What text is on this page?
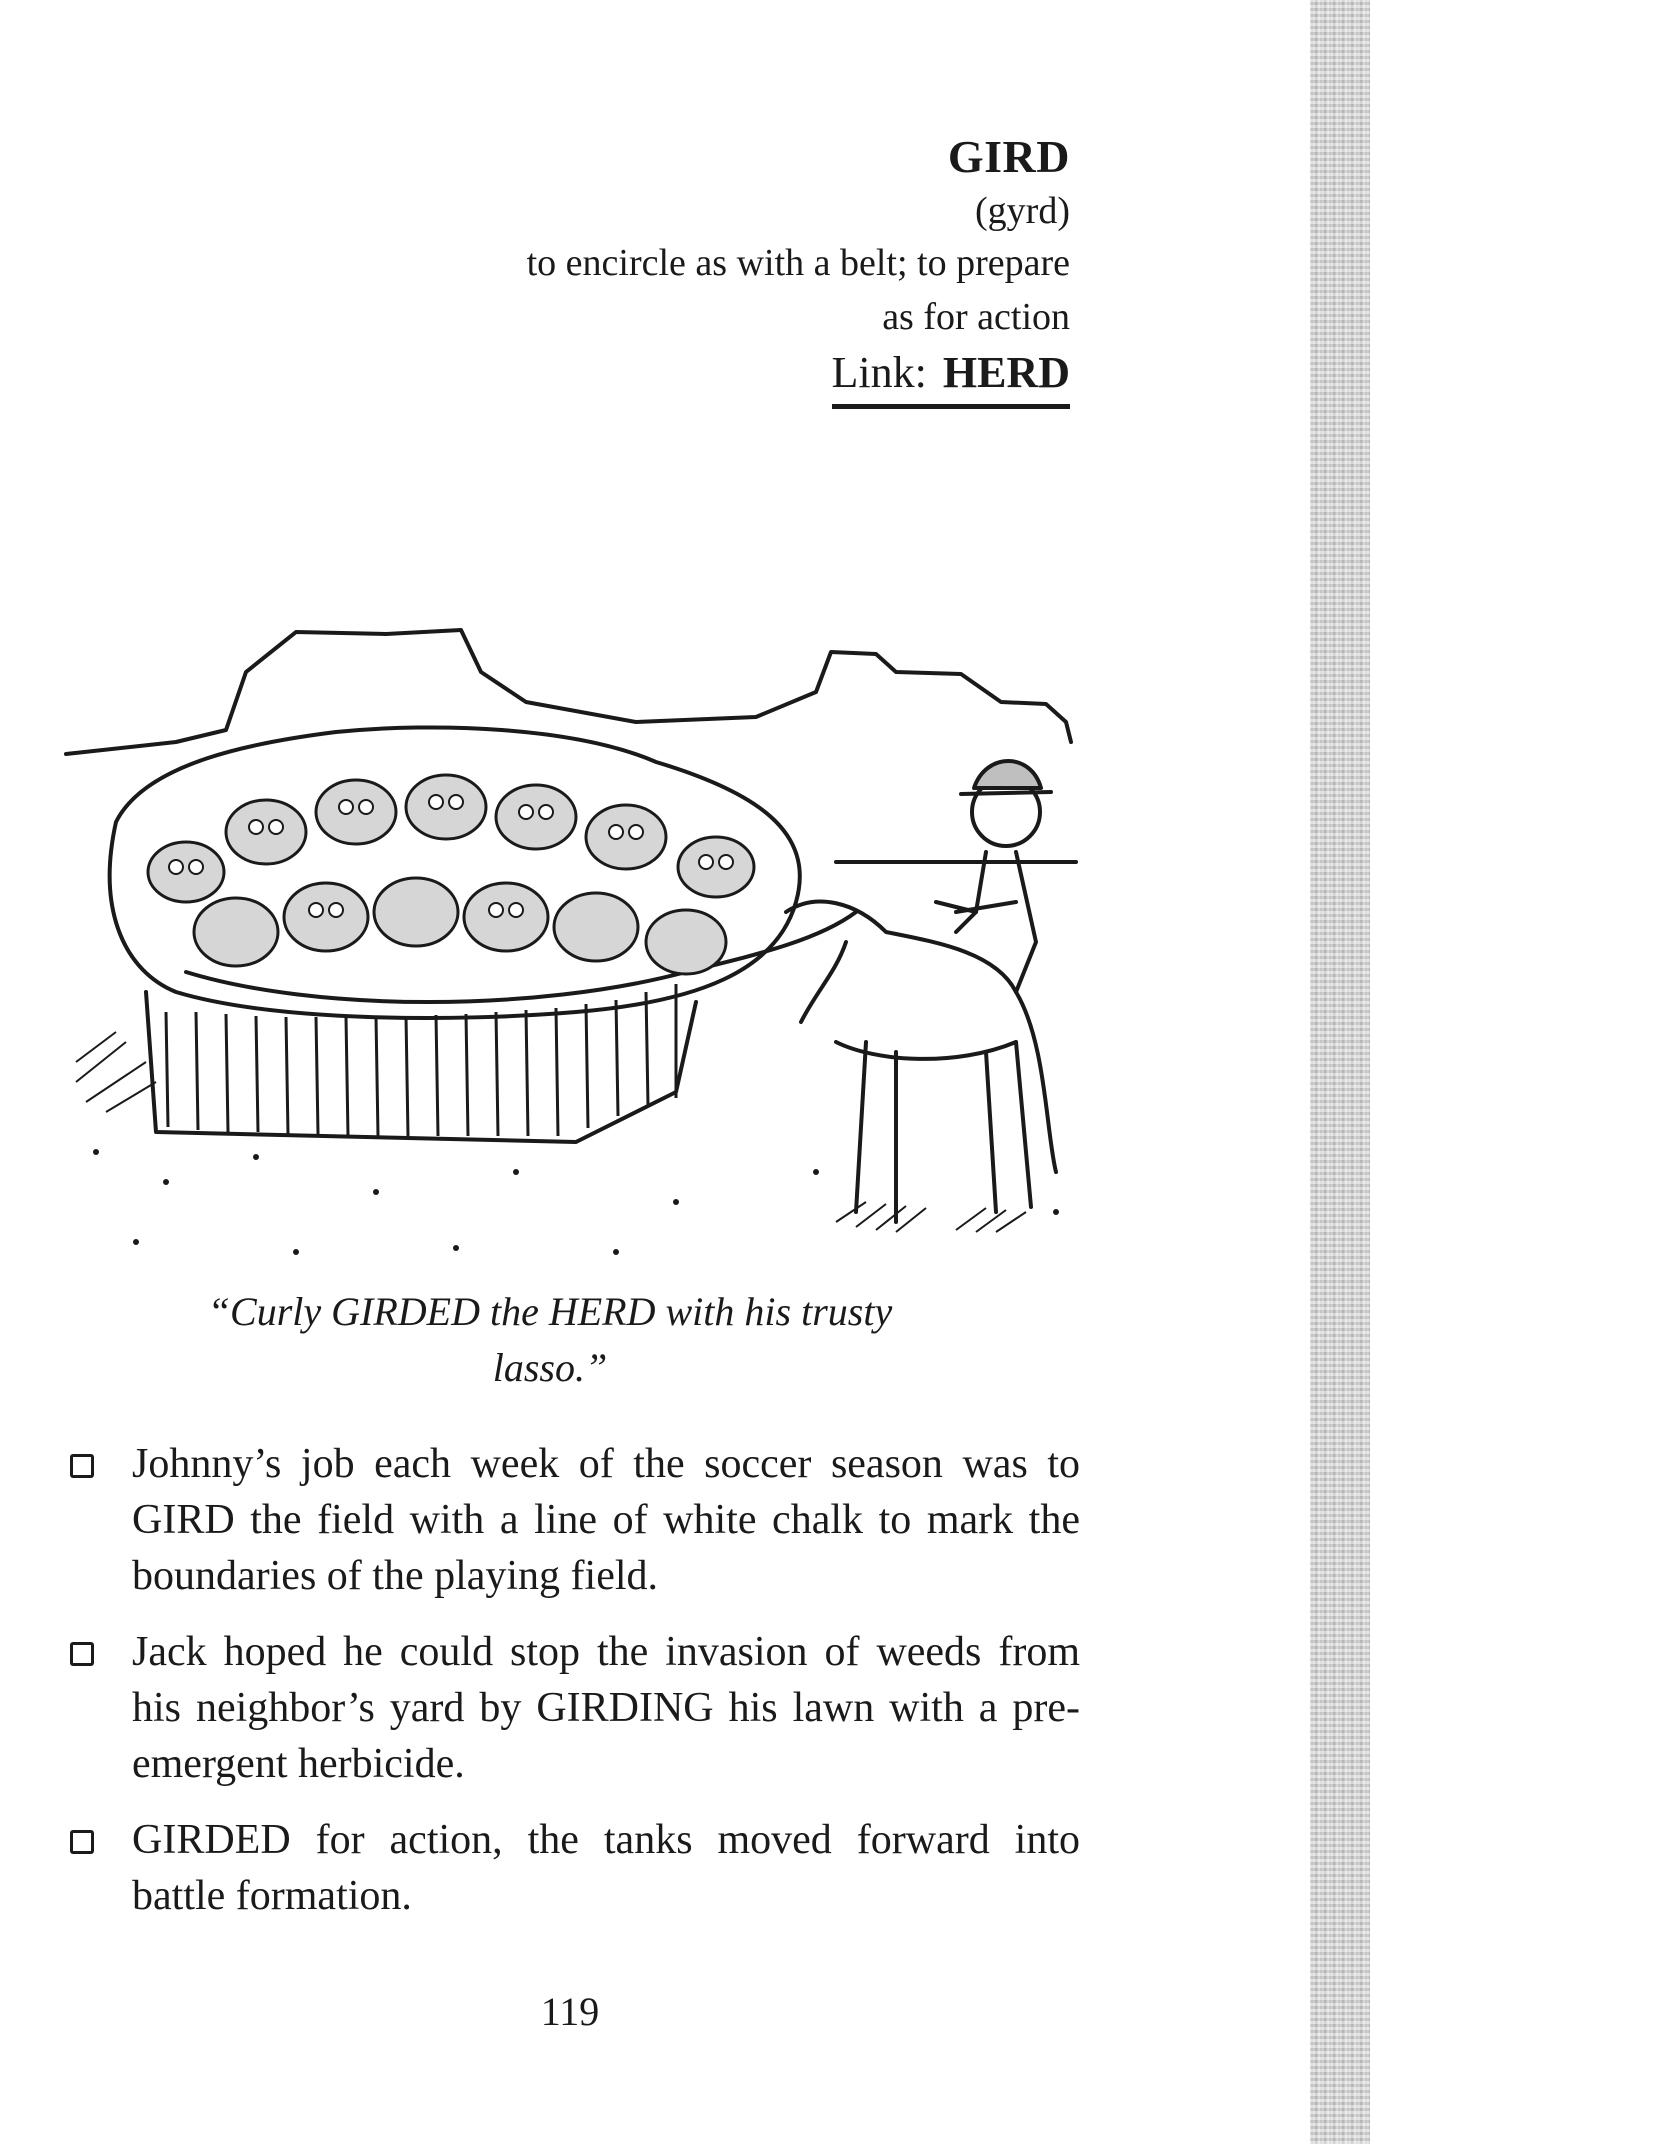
GIRD
(gyrd)
to encircle as with a belt; to prepare as for action
Link: HERD
“Curly GIRDED the HERD with his trusty lasso.”
Johnny’s job each week of the soccer season was to GIRD the field with a line of white chalk to mark the boundaries of the playing field.
Jack hoped he could stop the invasion of weeds from his neighbor’s yard by GIRDING his lawn with a pre-emergent herbicide.
GIRDED for action, the tanks moved forward into battle formation.
119
